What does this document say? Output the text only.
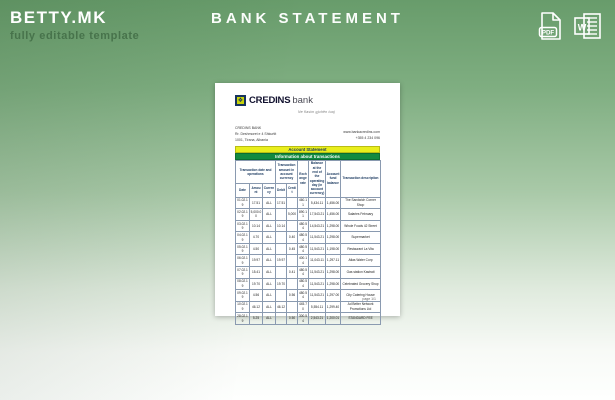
BETTY.MK
fully editable template
BANK STATEMENT
PDF
W
❖ CREDINS bank
Ne flasim gjuhën tuaj
CREDINS BANK
Rr. Deshmoret e 4 Shkurtit
1001, Tirana, Albania
www.bankacredins.com
+355 4 234 096
Account Statement
Information about transactions
Transaction date and operations			Transaction amount in account currency		Exchange rate	Balance at the end of the operating day (in account currency)	Account fund balance	Transaction description
Date	Amount	Currency	Debit	Credit				
01.02.19	17.51	ALL	17.51		460.11	5,434.11	1,456.00	The Sandwich Corner Shop
02.02.19	5,000.00	ALL		5,000	890.11	17,543.21	1,456.00	Salaries February
03.02.19	10.14	ALL	10.14		480.54	14,543.21	1,298.00	Whole Foods 42 Street
04.02.19	4.70	ALL		0.40	480.54	11,543.21	1,298.00	Supermarket
05.02.19	4.50	ALL		0.45	480.54	11,543.21	1,198.00	Restaurant La Vita
06.02.19	19.97	ALL	19.97		400.14	11,043.11	1,297.11	Atlas Water Corp
07.02.19	15.41	ALL		0.41	480.54	11,543.21	1,298.00	Gas station Kastrati
08.02.19	19.70	ALL	19.70		480.54	11,543.21	1,298.00	Celebrated Grocery Shop
09.02.19	4.56	ALL		0.56	480.54	11,543.21	1,297.00	City Catering House
10.02.19	46.12	ALL	46.12		445.70	5,554.11	1,299.40	Ad Better Network Promotions Ltd
28.02.19	5.25	ALL		0.50	300.54	2,543.21	1,200.01	STANDARD FEE
page 1/1
